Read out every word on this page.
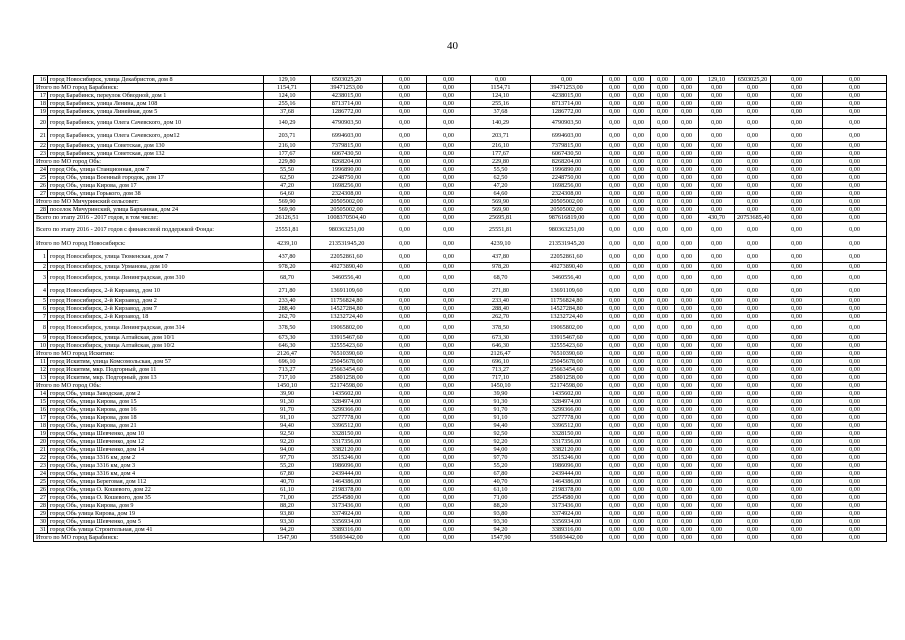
40
16	город Новосибирск, улица Декабристов, дом 8	129,10	6503025,20	0,00	0,00	0,00	0,00	0,00	0,00	0,00	0,00	129,10	6503025,20	0,00	0,00
Итого по МО город Барабинск:		1154,71	39471253,00	0,00	0,00	1154,71	39471253,00	0,00	0,00	0,00	0,00	0,00	0,00	0,00	0,00
17	город Барабинск, переулок Обводной, дом 1	124,10	4238015,00	0,00	0,00	124,10	4238015,00	0,00	0,00	0,00	0,00	0,00	0,00	0,00	0,00
18	город Барабинск, улица Ленина, дом 108	255,16	8713714,00	0,00	0,00	255,16	8713714,00	0,00	0,00	0,00	0,00	0,00	0,00	0,00	0,00
19	город Барабинск, улица Линейная, дом 5	37,68	1286772,00	0,00	0,00	37,68	1286772,00	0,00	0,00	0,00	0,00	0,00	0,00	0,00	0,00
20	город Барабинск, улица Олега Сачевского, дом 10	140,29	4790903,50	0,00	0,00	140,29	4790903,50	0,00	0,00	0,00	0,00	0,00	0,00	0,00	0,00
21	город Барабинск, улица Олега Сачевского, дом12	203,71	6994603,00	0,00	0,00	203,71	6994603,00	0,00	0,00	0,00	0,00	0,00	0,00	0,00	0,00
22	город Барабинск, улица Советская, дом 130	216,10	7379815,00	0,00	0,00	216,10	7379815,00	0,00	0,00	0,00	0,00	0,00	0,00	0,00	0,00
23	город Барабинск, улица Советская, дом 132	177,67	6067430,50	0,00	0,00	177,67	6067430,50	0,00	0,00	0,00	0,00	0,00	0,00	0,00	0,00
Итого по МО город Обь:		229,80	8268204,00	0,00	0,00	229,80	8268204,00	0,00	0,00	0,00	0,00	0,00	0,00	0,00	0,00
24	город Обь, улица Станционная, дом 7	55,50	1996890,00	0,00	0,00	55,50	1996890,00	0,00	0,00	0,00	0,00	0,00	0,00	0,00	0,00
25	город Обь, улица Военный городок, дом 17	62,50	2248750,00	0,00	0,00	62,50	2248750,00	0,00	0,00	0,00	0,00	0,00	0,00	0,00	0,00
26	город Обь, улица Кирова, дом 17	47,20	1698256,00	0,00	0,00	47,20	1698256,00	0,00	0,00	0,00	0,00	0,00	0,00	0,00	0,00
27	город Обь, улица Горького, дом 38	64,60	2324308,00	0,00	0,00	64,60	2324308,00	0,00	0,00	0,00	0,00	0,00	0,00	0,00	0,00
Итого по МО Мичуринский сельсовет:		569,90	20505002,00	0,00	0,00	569,90	20505002,00	0,00	0,00	0,00	0,00	0,00	0,00	0,00	0,00
28	поселок Мичуринский, улица Барханная, дом 24	569,90	20505002,00	0,00	0,00	569,90	20505002,00	0,00	0,00	0,00	0,00	0,00	0,00	0,00	0,00
Всего по этапу 2016 - 2017 годов, в том числе:		26126,51	1008370504,40	0,00	0,00	25695,81	987616819,00	0,00	0,00	0,00	0,00	430,70	20753685,40	0,00	0,00
Всего по этапу 2016 - 2017 годов с финансовой поддержкой Фонда:		25551,81	980363251,00	0,00	0,00	25551,81	980363251,00	0,00	0,00	0,00	0,00	0,00	0,00	0,00	0,00
Итого по МО город Новосибирск:		4239,10	213531945,20	0,00	0,00	4239,10	213531945,20	0,00	0,00	0,00	0,00	0,00	0,00	0,00	0,00
1	город Новосибирск, улица Тюменская, дом 7	437,80	22052861,60	0,00	0,00	437,80	22052861,60	0,00	0,00	0,00	0,00	0,00	0,00	0,00	0,00
2	город Новосибирск, улица Урманова, дом 10	978,20	49273890,40	0,00	0,00	978,20	49273890,40	0,00	0,00	0,00	0,00	0,00	0,00	0,00	0,00
3	город Новосибирск, улица Ленинградская, дом 310	68,70	3460556,40	0,00	0,00	68,70	3460556,40	0,00	0,00	0,00	0,00	0,00	0,00	0,00	0,00
4	город Новосибирск, 2-й Кирзавод, дом 10	271,80	13691109,60	0,00	0,00	271,80	13691109,60	0,00	0,00	0,00	0,00	0,00	0,00	0,00	0,00
5	город Новосибирск, 2-й Кирзавод, дом 2	233,40	11756824,80	0,00	0,00	233,40	11756824,80	0,00	0,00	0,00	0,00	0,00	0,00	0,00	0,00
6	город Новосибирск, 2-й Кирзавод, дом 7	288,40	14527284,80	0,00	0,00	288,40	14527284,80	0,00	0,00	0,00	0,00	0,00	0,00	0,00	0,00
7	город Новосибирск, 2-й Кирзавод, 18	262,70	13232724,40	0,00	0,00	262,70	13232724,40	0,00	0,00	0,00	0,00	0,00	0,00	0,00	0,00
8	город Новосибирск, улица Ленинградская, дом 314	378,50	19065802,00	0,00	0,00	378,50	19065802,00	0,00	0,00	0,00	0,00	0,00	0,00	0,00	0,00
9	город Новосибирск, улица Алтайская, дом 10/1	673,30	33915467,60	0,00	0,00	673,30	33915467,60	0,00	0,00	0,00	0,00	0,00	0,00	0,00	0,00
10	город Новосибирск, улица Алтайская, дом 10/2	646,30	32555423,60	0,00	0,00	646,30	32555423,60	0,00	0,00	0,00	0,00	0,00	0,00	0,00	0,00
Итого по МО город Искитим:		2126,47	76510390,60	0,00	0,00	2126,47	76510390,60	0,00	0,00	0,00	0,00	0,00	0,00	0,00	0,00
11	город Искитим, улица Комсомольская, дом 57	696,10	25045678,00	0,00	0,00	696,10	25045678,00	0,00	0,00	0,00	0,00	0,00	0,00	0,00	0,00
12	город Искитим, мкр. Подгорный, дом 11	713,27	25663454,60	0,00	0,00	713,27	25663454,60	0,00	0,00	0,00	0,00	0,00	0,00	0,00	0,00
13	город Искитим, мкр. Подгорный, дом 13	717,10	25801258,00	0,00	0,00	717,10	25801258,00	0,00	0,00	0,00	0,00	0,00	0,00	0,00	0,00
Итого по МО город Обь:		1450,10	52174598,00	0,00	0,00	1450,10	52174598,00	0,00	0,00	0,00	0,00	0,00	0,00	0,00	0,00
14	город Обь, улица Заводская, дом 2	39,90	1435602,00	0,00	0,00	39,90	1435602,00	0,00	0,00	0,00	0,00	0,00	0,00	0,00	0,00
15	город Обь, улица Кирова, дом 15	91,30	3284974,00	0,00	0,00	91,30	3284974,00	0,00	0,00	0,00	0,00	0,00	0,00	0,00	0,00
16	город Обь, улица Кирова, дом 16	91,70	3299366,00	0,00	0,00	91,70	3299366,00	0,00	0,00	0,00	0,00	0,00	0,00	0,00	0,00
17	город Обь, улица Кирова, дом 18	91,10	3277778,00	0,00	0,00	91,10	3277778,00	0,00	0,00	0,00	0,00	0,00	0,00	0,00	0,00
18	город Обь, улица Кирова, дом 21	94,40	3396512,00	0,00	0,00	94,40	3396512,00	0,00	0,00	0,00	0,00	0,00	0,00	0,00	0,00
19	город Обь, улица Шевченко, дом 10	92,50	3328150,00	0,00	0,00	92,50	3328150,00	0,00	0,00	0,00	0,00	0,00	0,00	0,00	0,00
20	город Обь, улица Шевченко, дом 12	92,20	3317356,00	0,00	0,00	92,20	3317356,00	0,00	0,00	0,00	0,00	0,00	0,00	0,00	0,00
21	город Обь, улица Шевченко, дом 14	94,00	3382120,00	0,00	0,00	94,00	3382120,00	0,00	0,00	0,00	0,00	0,00	0,00	0,00	0,00
22	город Обь, улица 3316 км, дом 2	97,70	3515246,00	0,00	0,00	97,70	3515246,00	0,00	0,00	0,00	0,00	0,00	0,00	0,00	0,00
23	город Обь, улица 3316 км, дом 3	55,20	1986096,00	0,00	0,00	55,20	1986096,00	0,00	0,00	0,00	0,00	0,00	0,00	0,00	0,00
24	город Обь, улица 3316 км, дом 4	67,80	2439444,00	0,00	0,00	67,80	2439444,00	0,00	0,00	0,00	0,00	0,00	0,00	0,00	0,00
25	город Обь, улица Береговая, дом 112	40,70	1464386,00	0,00	0,00	40,70	1464386,00	0,00	0,00	0,00	0,00	0,00	0,00	0,00	0,00
26	город Обь, улица О. Кошевого, дом 22	61,10	2198378,00	0,00	0,00	61,10	2198378,00	0,00	0,00	0,00	0,00	0,00	0,00	0,00	0,00
27	город Обь, улица О. Кошевого, дом 35	71,00	2554580,00	0,00	0,00	71,00	2554580,00	0,00	0,00	0,00	0,00	0,00	0,00	0,00	0,00
28	город Обь, улица Кирова, дом 9	88,20	3173436,00	0,00	0,00	88,20	3173436,00	0,00	0,00	0,00	0,00	0,00	0,00	0,00	0,00
29	город Обь улица Кирова, дом 19	93,80	3374924,00	0,00	0,00	93,80	3374924,00	0,00	0,00	0,00	0,00	0,00	0,00	0,00	0,00
30	город Обь, улица Шевченко, дом 5	93,30	3356934,00	0,00	0,00	93,30	3356934,00	0,00	0,00	0,00	0,00	0,00	0,00	0,00	0,00
31	город Обь улица Строительная, дом 41	94,20	3389316,00	0,00	0,00	94,20	3389316,00	0,00	0,00	0,00	0,00	0,00	0,00	0,00	0,00
Итого по МО город Барабинск:		1547,90	55693442,00	0,00	0,00	1547,90	55693442,00	0,00	0,00	0,00	0,00	0,00	0,00	0,00	0,00
